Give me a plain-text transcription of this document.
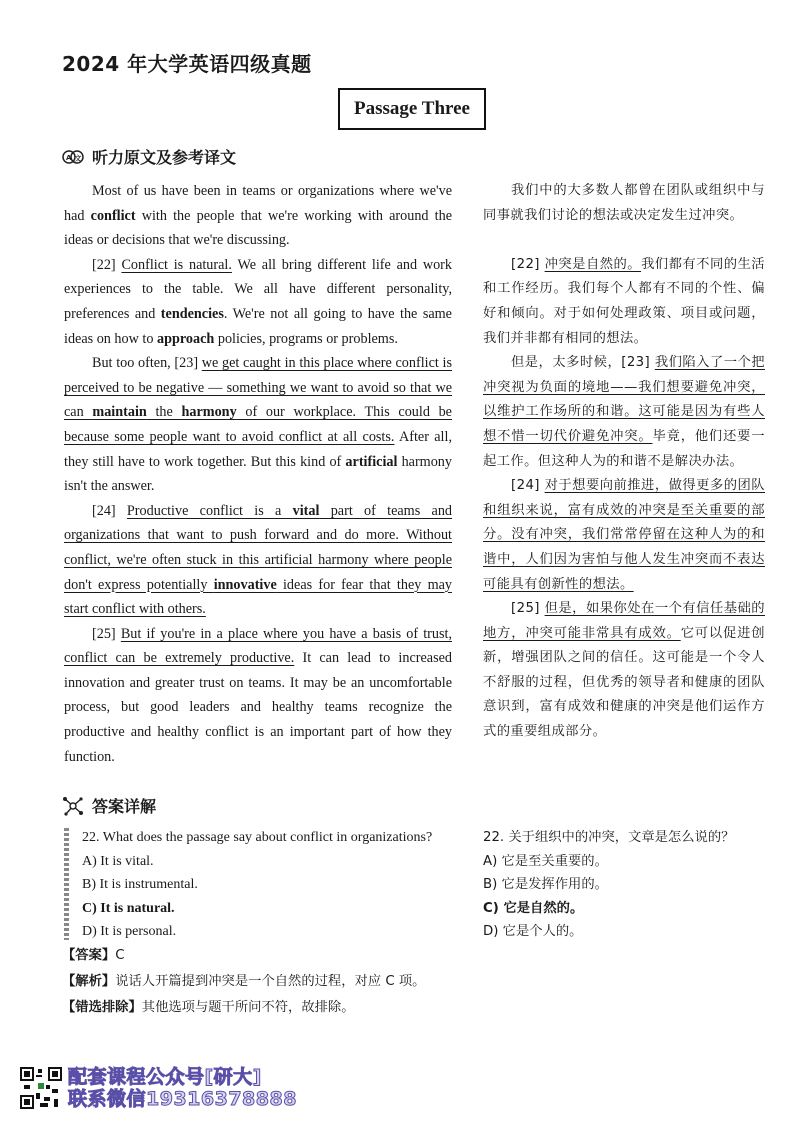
2024 年大学英语四级真题
Passage Three
A 文 听力原文及参考译文

Most of us have been in teams or organizations where we've had conflict with the people that we're working with around the ideas or decisions that we're discussing.

[22] Conflict is natural. We all bring different life and work experiences to the table. We all have different personality, preferences and tendencies. We're not all going to have the same ideas on how to approach policies, programs or problems.

But too often, [23] we get caught in this place where conflict is perceived to be negative — something we want to avoid so that we can maintain the harmony of our workplace. This could be because some people want to avoid conflict at all costs. After all, they still have to work together. But this kind of artificial harmony isn't the answer.

[24] Productive conflict is a vital part of teams and organizations that want to push forward and do more. Without conflict, we're often stuck in this artificial harmony where people don't express potentially innovative ideas for fear that they may start conflict with others.

[25] But if you're in a place where you have a basis of trust, conflict can be extremely productive. It can lead to increased innovation and greater trust on teams. It may be an uncomfortable process, but good leaders and healthy teams recognize the productive and healthy conflict is an important part of how they function.

我们中的大多数人都曾在团队或组织中与同事就我们讨论的想法或决定发生过冲突。

[22] 冲突是自然的。我们都有不同的生活和工作经历。我们每个人都有不同的个性、偏好和倾向。对于如何处理政策、项目或问题，我们并非都有相同的想法。

但是，太多时候，[23] 我们陷入了一个把冲突视为负面的境地——我们想要避免冲突，以维护工作场所的和谐。这可能是因为有些人想不惜一切代价避免冲突。毕竟，他们还要一起工作。但这种人为的和谐不是解决办法。

[24] 对于想要向前推进，做得更多的团队和组织来说，富有成效的冲突是至关重要的部分。没有冲突，我们常常停留在这种人为的和谐中，人们因为害怕与他人发生冲突而不表达可能具有创新性的想法。

[25] 但是，如果你处在一个有信任基础的地方，冲突可能非常具有成效。它可以促进创新，增强团队之间的信任。这可能是一个令人不舒服的过程，但优秀的领导者和健康的团队意识到，富有成效和健康的冲突是他们运作方式的重要组成部分。

答案详解
22. What does the passage say about conflict in organizations?
A) It is vital.
B) It is instrumental.
C) It is natural.
D) It is personal.
22. 关于组织中的冲突，文章是怎么说的？
A) 它是至关重要的。
B) 它是发挥作用的。
C) 它是自然的。
D) 它是个人的。
【答案】C
【解析】说话人开篇提到冲突是一个自然的过程，对应 C 项。
【错选排除】其他选项与题干所问不符，故排除。
配套课程公众号[研大]
联系微信19316378888
